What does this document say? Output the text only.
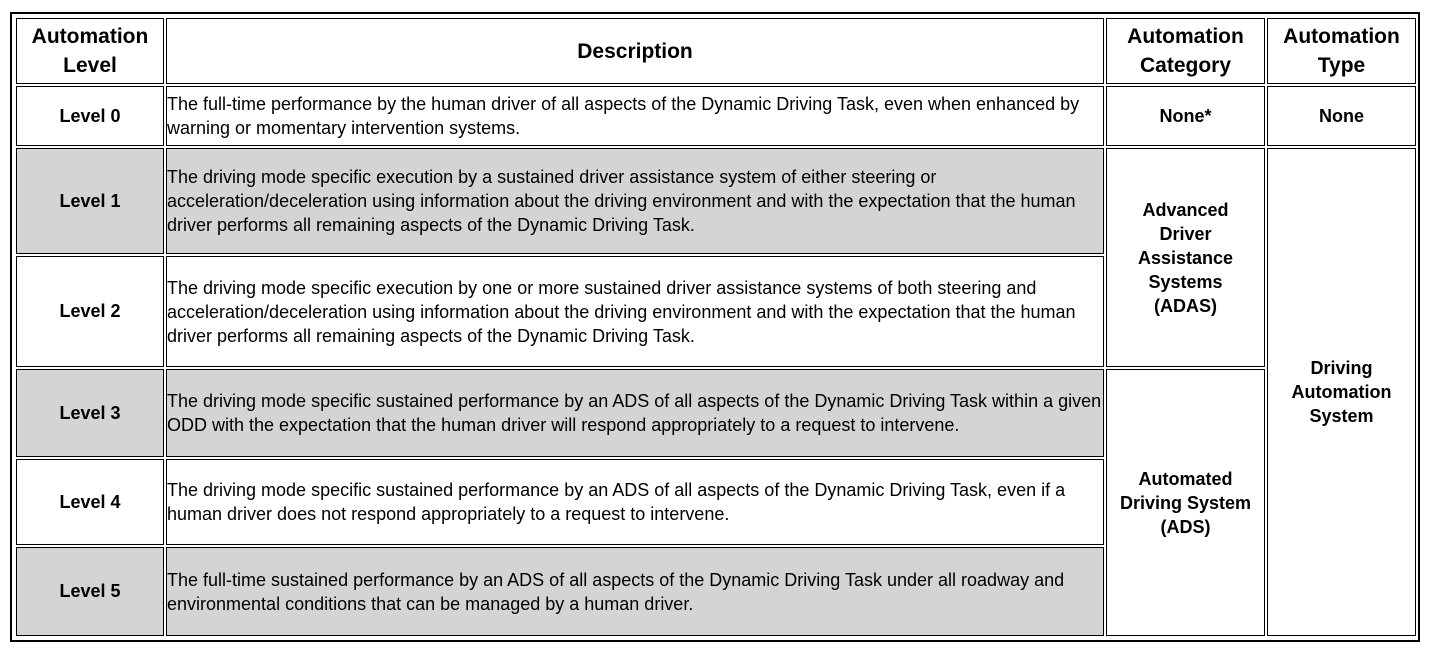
Automation Level	Description	Automation Category	Automation Type
Level 0	The full-time performance by the human driver of all aspects of the Dynamic Driving Task, even when enhanced by warning or momentary intervention systems.	None*	None
Level 1	The driving mode specific execution by a sustained driver assistance system of either steering or acceleration/deceleration using information about the driving environment and with the expectation that the human driver performs all remaining aspects of the Dynamic Driving Task.	Advanced Driver Assistance Systems (ADAS)	Driving Automation System

Level 2	The driving mode specific execution by one or more sustained driver assistance systems of both steering and acceleration/deceleration using information about the driving environment and with the expectation that the human driver performs all remaining aspects of the Dynamic Driving Task.		
Level 3	The driving mode specific sustained performance by an ADS of all aspects of the Dynamic Driving Task within a given ODD with the expectation that the human driver will respond appropriately to a request to intervene.	Automated Driving System (ADS)	

Level 4	The driving mode specific sustained performance by an ADS of all aspects of the Dynamic Driving Task, even if a human driver does not respond appropriately to a request to intervene.		
Level 5	The full-time sustained performance by an ADS of all aspects of the Dynamic Driving Task under all roadway and environmental conditions that can be managed by a human driver.		
